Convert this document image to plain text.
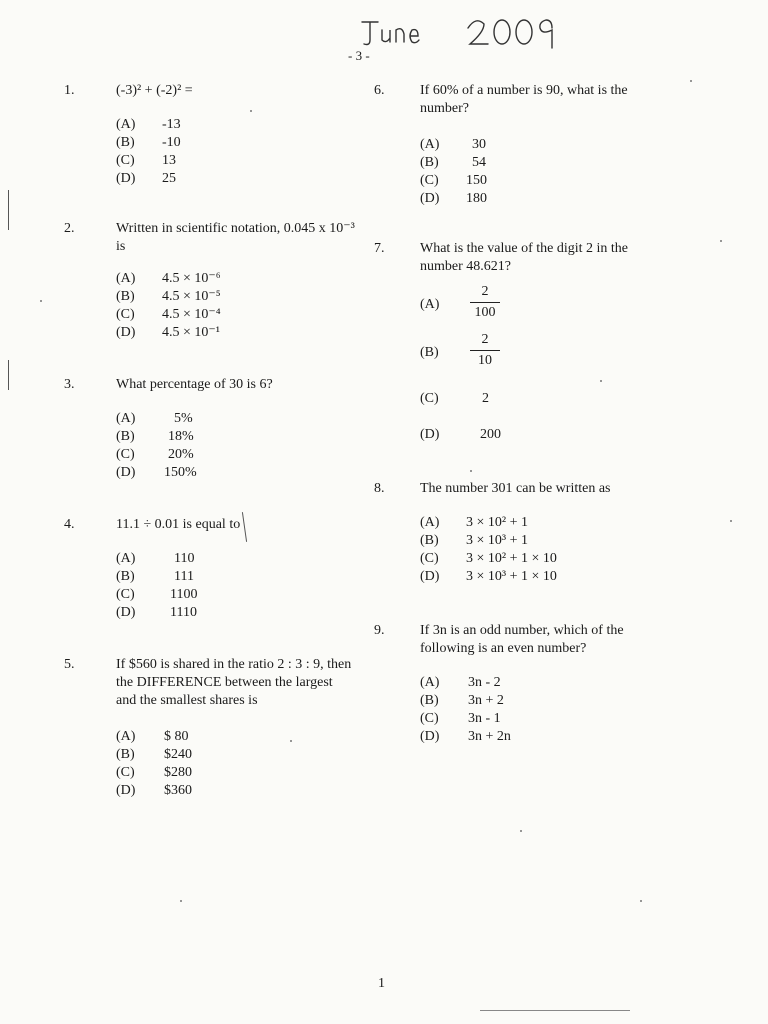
- 3 -
1.	(-3)² + (-2)² =
(A) -13
(B) -10
(C) 13
(D) 25
2.	Written in scientific notation, 0.045 x 10⁻³
is
(A) 4.5 × 10⁻⁶
(B) 4.5 × 10⁻⁵
(C) 4.5 × 10⁻⁴
(D) 4.5 × 10⁻¹
3.	What percentage of 30 is 6?
(A)	5%
(B) 18%
(C) 20%
(D) 150%
4.	11.1 ÷ 0.01 is equal to
(A)	110
(B)	111
(C)	1100
(D) 1110
5.	If $560 is shared in the ratio 2 : 3 : 9, then
the DIFFERENCE between the largest
and the smallest shares is
(A) $ 80
(B) $240
(C) $280
(D) $360
6.	If 60% of a number is 90, what is the
number?
(A) 30
(B) 54
(C) 150
(D) 180
7.	What is the value of the digit 2 in the
number 48.621?
(A)
2
100
(B)
2
10
(C)	2
(D)	200
8.	The number 301 can be written as
(A) 3 × 10² + 1
(B) 3 × 10³ + 1
(C) 3 × 10² + 1 × 10
(D) 3 × 10³ + 1 × 10
9.	If 3n is an odd number, which of the
following is an even number?
(A) 3n - 2
(B) 3n + 2
(C) 3n - 1
(D) 3n + 2n
1
